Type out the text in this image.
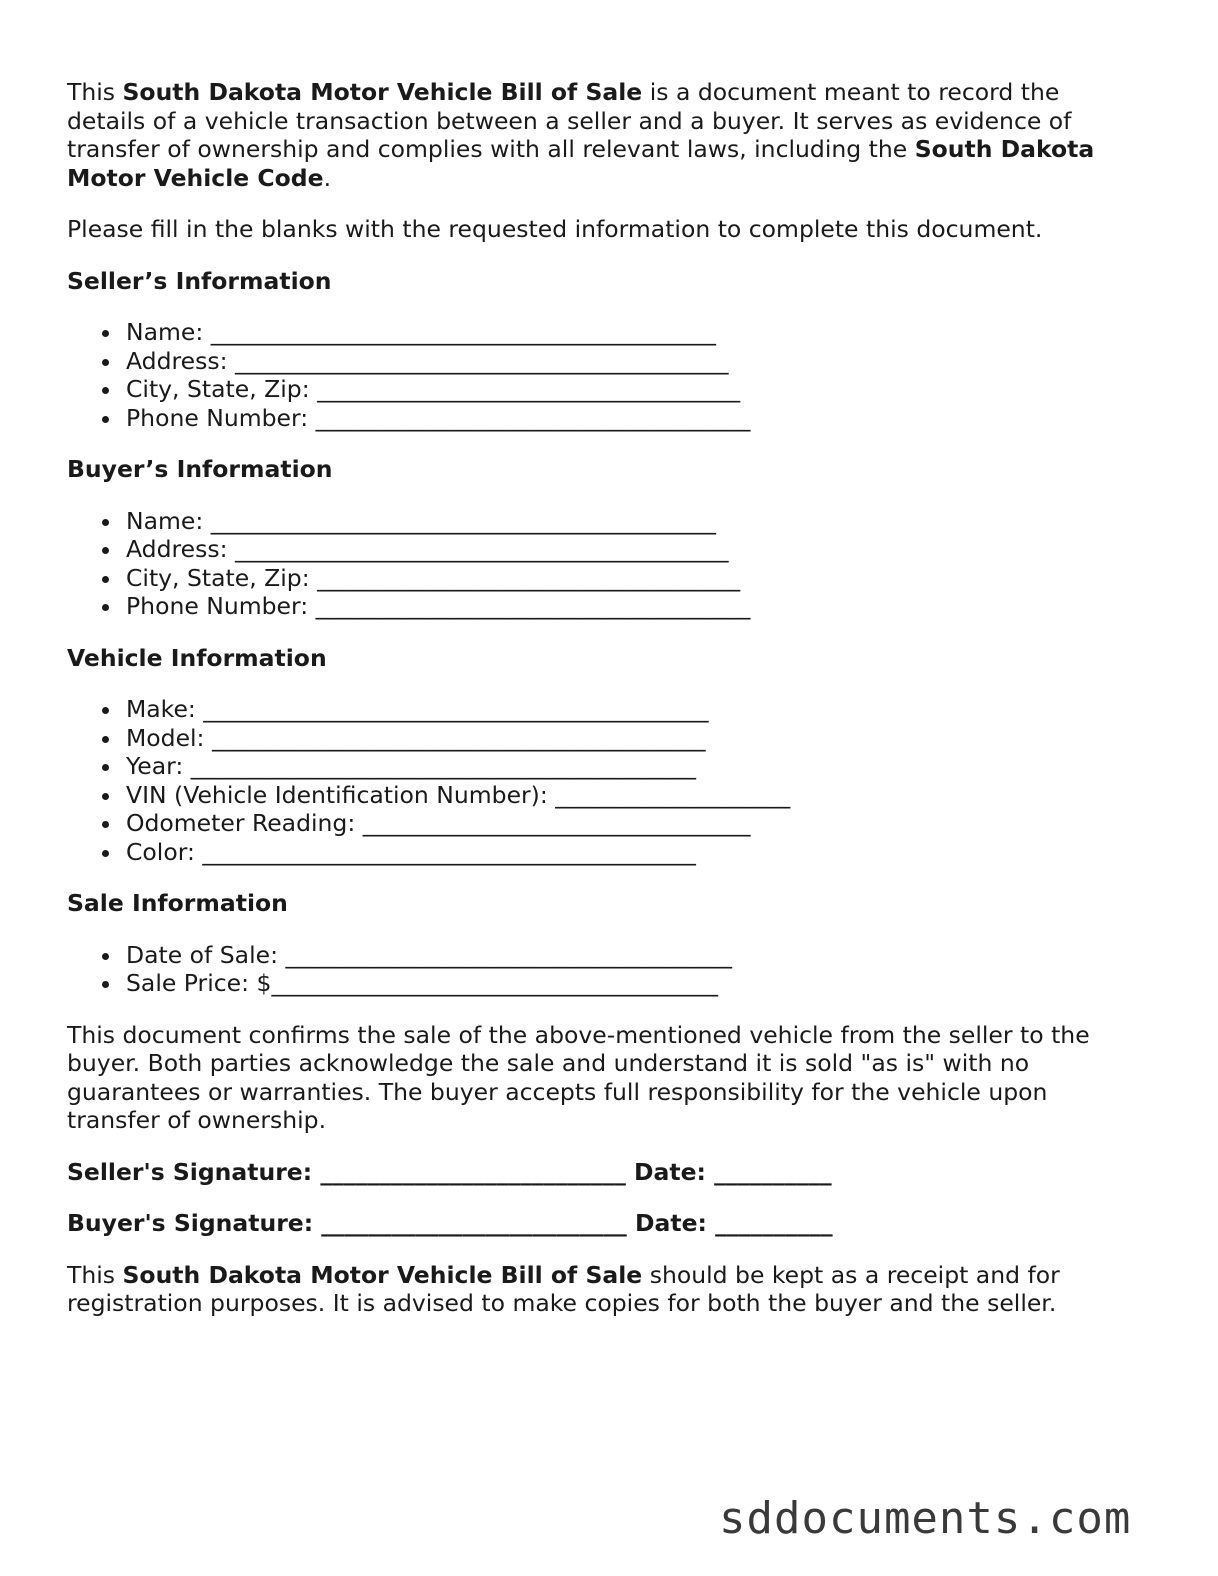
This South Dakota Motor Vehicle Bill of Sale is a document meant to record the details of a vehicle transaction between a seller and a buyer. It serves as evidence of transfer of ownership and complies with all relevant laws, including the South Dakota Motor Vehicle Code.

Please fill in the blanks with the requested information to complete this document.

Seller’s Information
Name: ___________________________________________
Address: __________________________________________
City, State, Zip: ____________________________________
Phone Number: _____________________________________
Buyer’s Information
Name: ___________________________________________
Address: __________________________________________
City, State, Zip: ____________________________________
Phone Number: _____________________________________
Vehicle Information
Make: ___________________________________________
Model: __________________________________________
Year: ___________________________________________
VIN (Vehicle Identification Number): ____________________
Odometer Reading: _________________________________
Color: __________________________________________
Sale Information
Date of Sale: ______________________________________
Sale Price: $______________________________________

This document confirms the sale of the above-mentioned vehicle from the seller to the buyer. Both parties acknowledge the sale and understand it is sold "as is" with no guarantees or warranties. The buyer accepts full responsibility for the vehicle upon transfer of ownership.

Seller's Signature: __________________________ Date: __________

Buyer's Signature: __________________________ Date: __________

This South Dakota Motor Vehicle Bill of Sale should be kept as a receipt and for registration purposes. It is advised to make copies for both the buyer and the seller.

sddocuments.com
